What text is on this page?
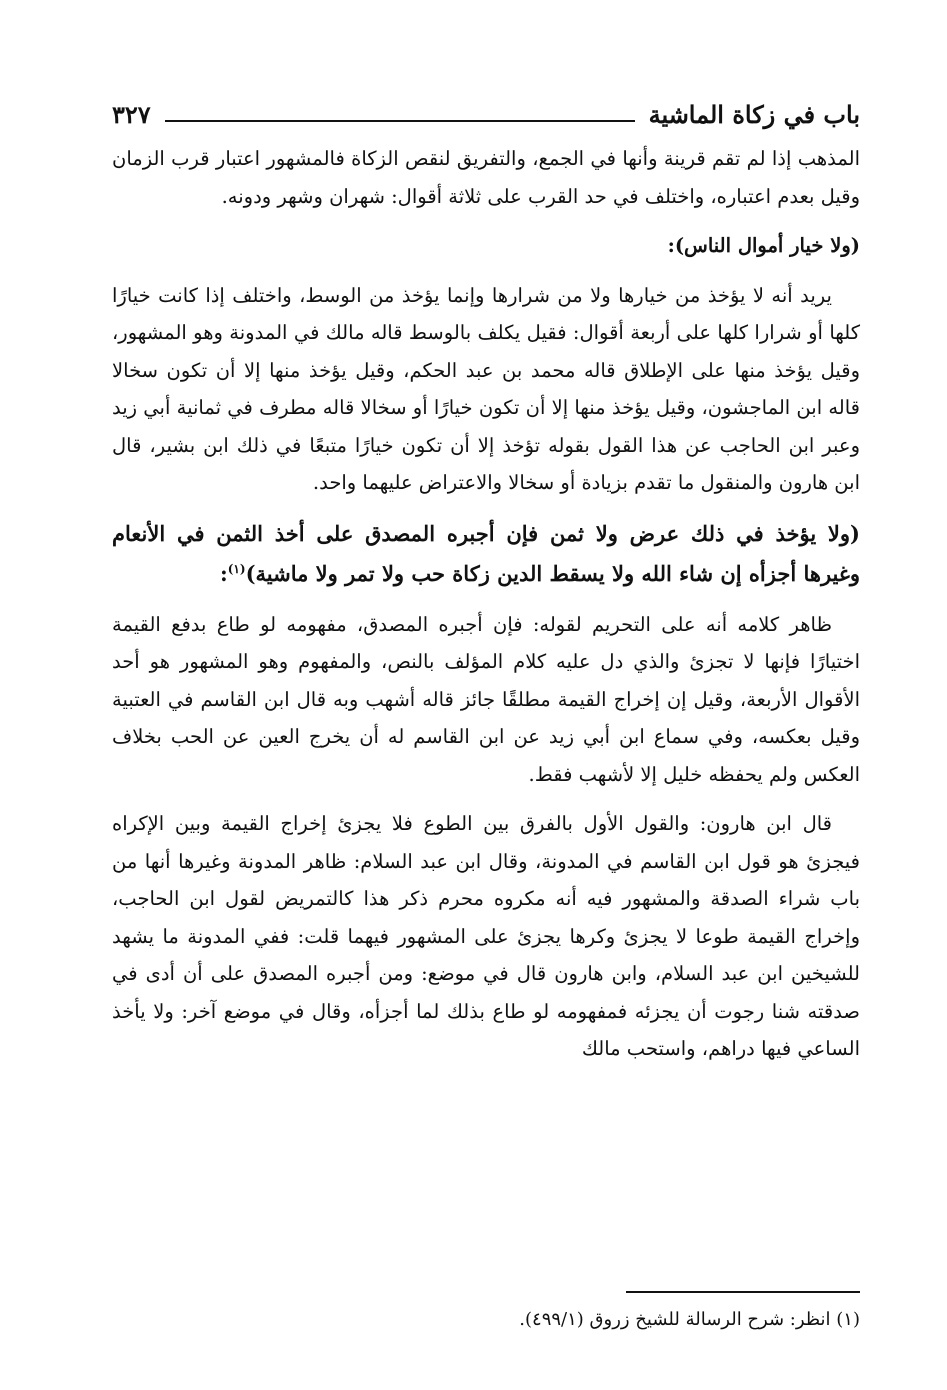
باب في زكاة الماشية
٣٢٧

المذهب إذا لم تقم قرينة وأنها في الجمع، والتفريق لنقص الزكاة فالمشهور اعتبار قرب الزمان وقيل بعدم اعتباره، واختلف في حد القرب على ثلاثة أقوال: شهران وشهر ودونه.

(ولا خيار أموال الناس):

يريد أنه لا يؤخذ من خيارها ولا من شرارها وإنما يؤخذ من الوسط، واختلف إذا كانت خيارًا كلها أو شرارا كلها على أربعة أقوال: فقيل يكلف بالوسط قاله مالك في المدونة وهو المشهور، وقيل يؤخذ منها على الإطلاق قاله محمد بن عبد الحكم، وقيل يؤخذ منها إلا أن تكون سخالا قاله ابن الماجشون، وقيل يؤخذ منها إلا أن تكون خيارًا أو سخالا قاله مطرف في ثمانية أبي زيد وعبر ابن الحاجب عن هذا القول بقوله تؤخذ إلا أن تكون خيارًا متبعًا في ذلك ابن بشير، قال ابن هارون والمنقول ما تقدم بزيادة أو سخالا والاعتراض عليهما واحد.

(ولا يؤخذ في ذلك عرض ولا ثمن فإن أجبره المصدق على أخذ الثمن في الأنعام وغيرها أجزأه إن شاء الله ولا يسقط الدين زكاة حب ولا تمر ولا ماشية)$^{(١)}$:

ظاهر كلامه أنه على التحريم لقوله: فإن أجبره المصدق، مفهومه لو طاع بدفع القيمة اختيارًا فإنها لا تجزئ والذي دل عليه كلام المؤلف بالنص، والمفهوم وهو المشهور هو أحد الأقوال الأربعة، وقيل إن إخراج القيمة مطلقًا جائز قاله أشهب وبه قال ابن القاسم في العتبية وقيل بعكسه، وفي سماع ابن أبي زيد عن ابن القاسم له أن يخرج العين عن الحب بخلاف العكس ولم يحفظه خليل إلا لأشهب فقط.

قال ابن هارون: والقول الأول بالفرق بين الطوع فلا يجزئ إخراج القيمة وبين الإكراه فيجزئ هو قول ابن القاسم في المدونة، وقال ابن عبد السلام: ظاهر المدونة وغيرها أنها من باب شراء الصدقة والمشهور فيه أنه مكروه محرم ذكر هذا كالتمريض لقول ابن الحاجب، وإخراج القيمة طوعا لا يجزئ وكرها يجزئ على المشهور فيهما قلت: ففي المدونة ما يشهد للشيخين ابن عبد السلام، وابن هارون قال في موضع: ومن أجبره المصدق على أن أدى في صدقته شنا رجوت أن يجزئه فمفهومه لو طاع بذلك لما أجزأه، وقال في موضع آخر: ولا يأخذ الساعي فيها دراهم، واستحب مالك

(١) انظر: شرح الرسالة للشيخ زروق (٤٩٩/١).
